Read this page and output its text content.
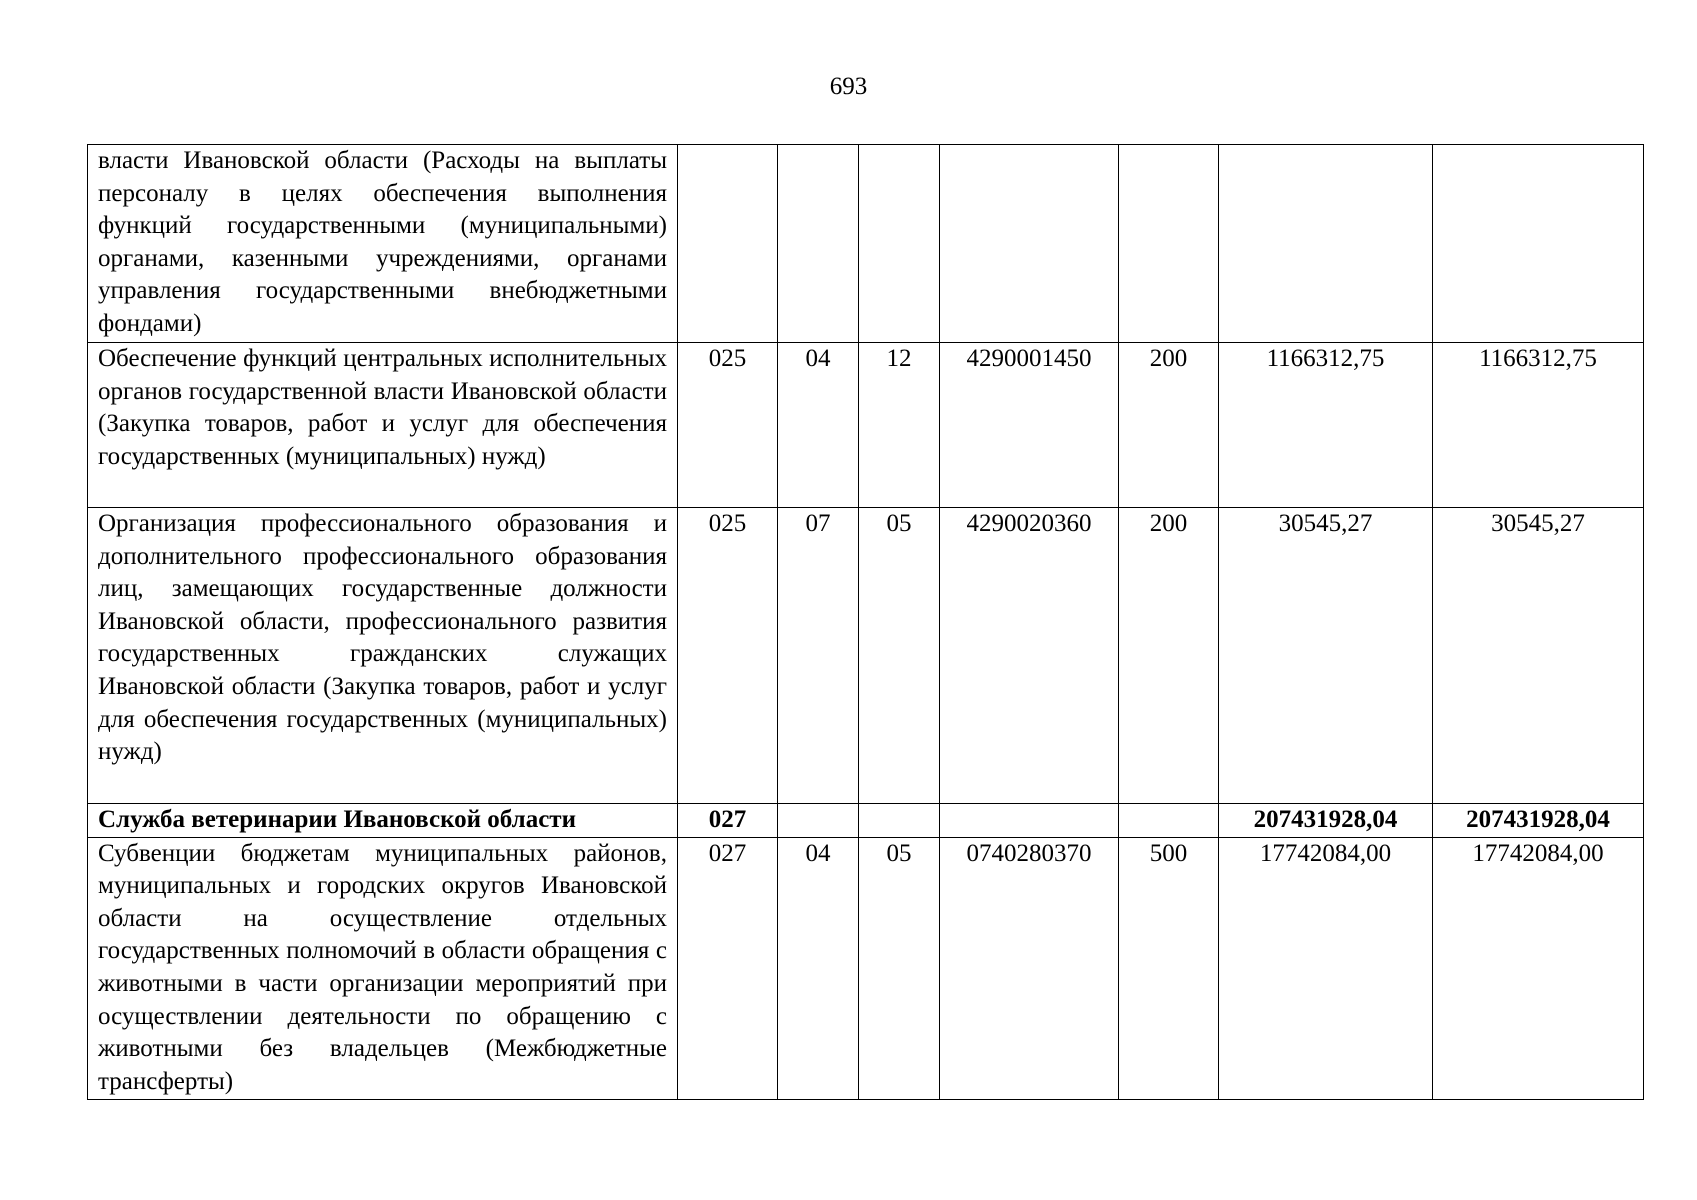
693
власти Ивановской области (Расходы на выплаты персоналу в целях обеспечения выполнения функций государственными (муниципальными) органами, казенными учреждениями, органами управления государственными внебюджетными фондами)							
Обеспечение функций центральных исполнительных органов государственной власти Ивановской области (Закупка товаров, работ и услуг для обеспечения государственных (муниципальных) нужд)	025	04	12	4290001450	200	1166312,75	1166312,75
Организация профессионального образования и дополнительного профессионального образования лиц, замещающих государственные должности Ивановской области, профессионального развития государственных гражданских служащих Ивановской области (Закупка товаров, работ и услуг для обеспечения государственных (муниципальных) нужд)	025	07	05	4290020360	200	30545,27	30545,27
Служба ветеринарии Ивановской области	027					207431928,04	207431928,04
Субвенции бюджетам муниципальных районов, муниципальных и городских округов Ивановской области на осуществление отдельных государственных полномочий в области обращения с животными в части организации мероприятий при осуществлении деятельности по обращению с животными без владельцев (Межбюджетные трансферты)	027	04	05	0740280370	500	17742084,00	17742084,00
